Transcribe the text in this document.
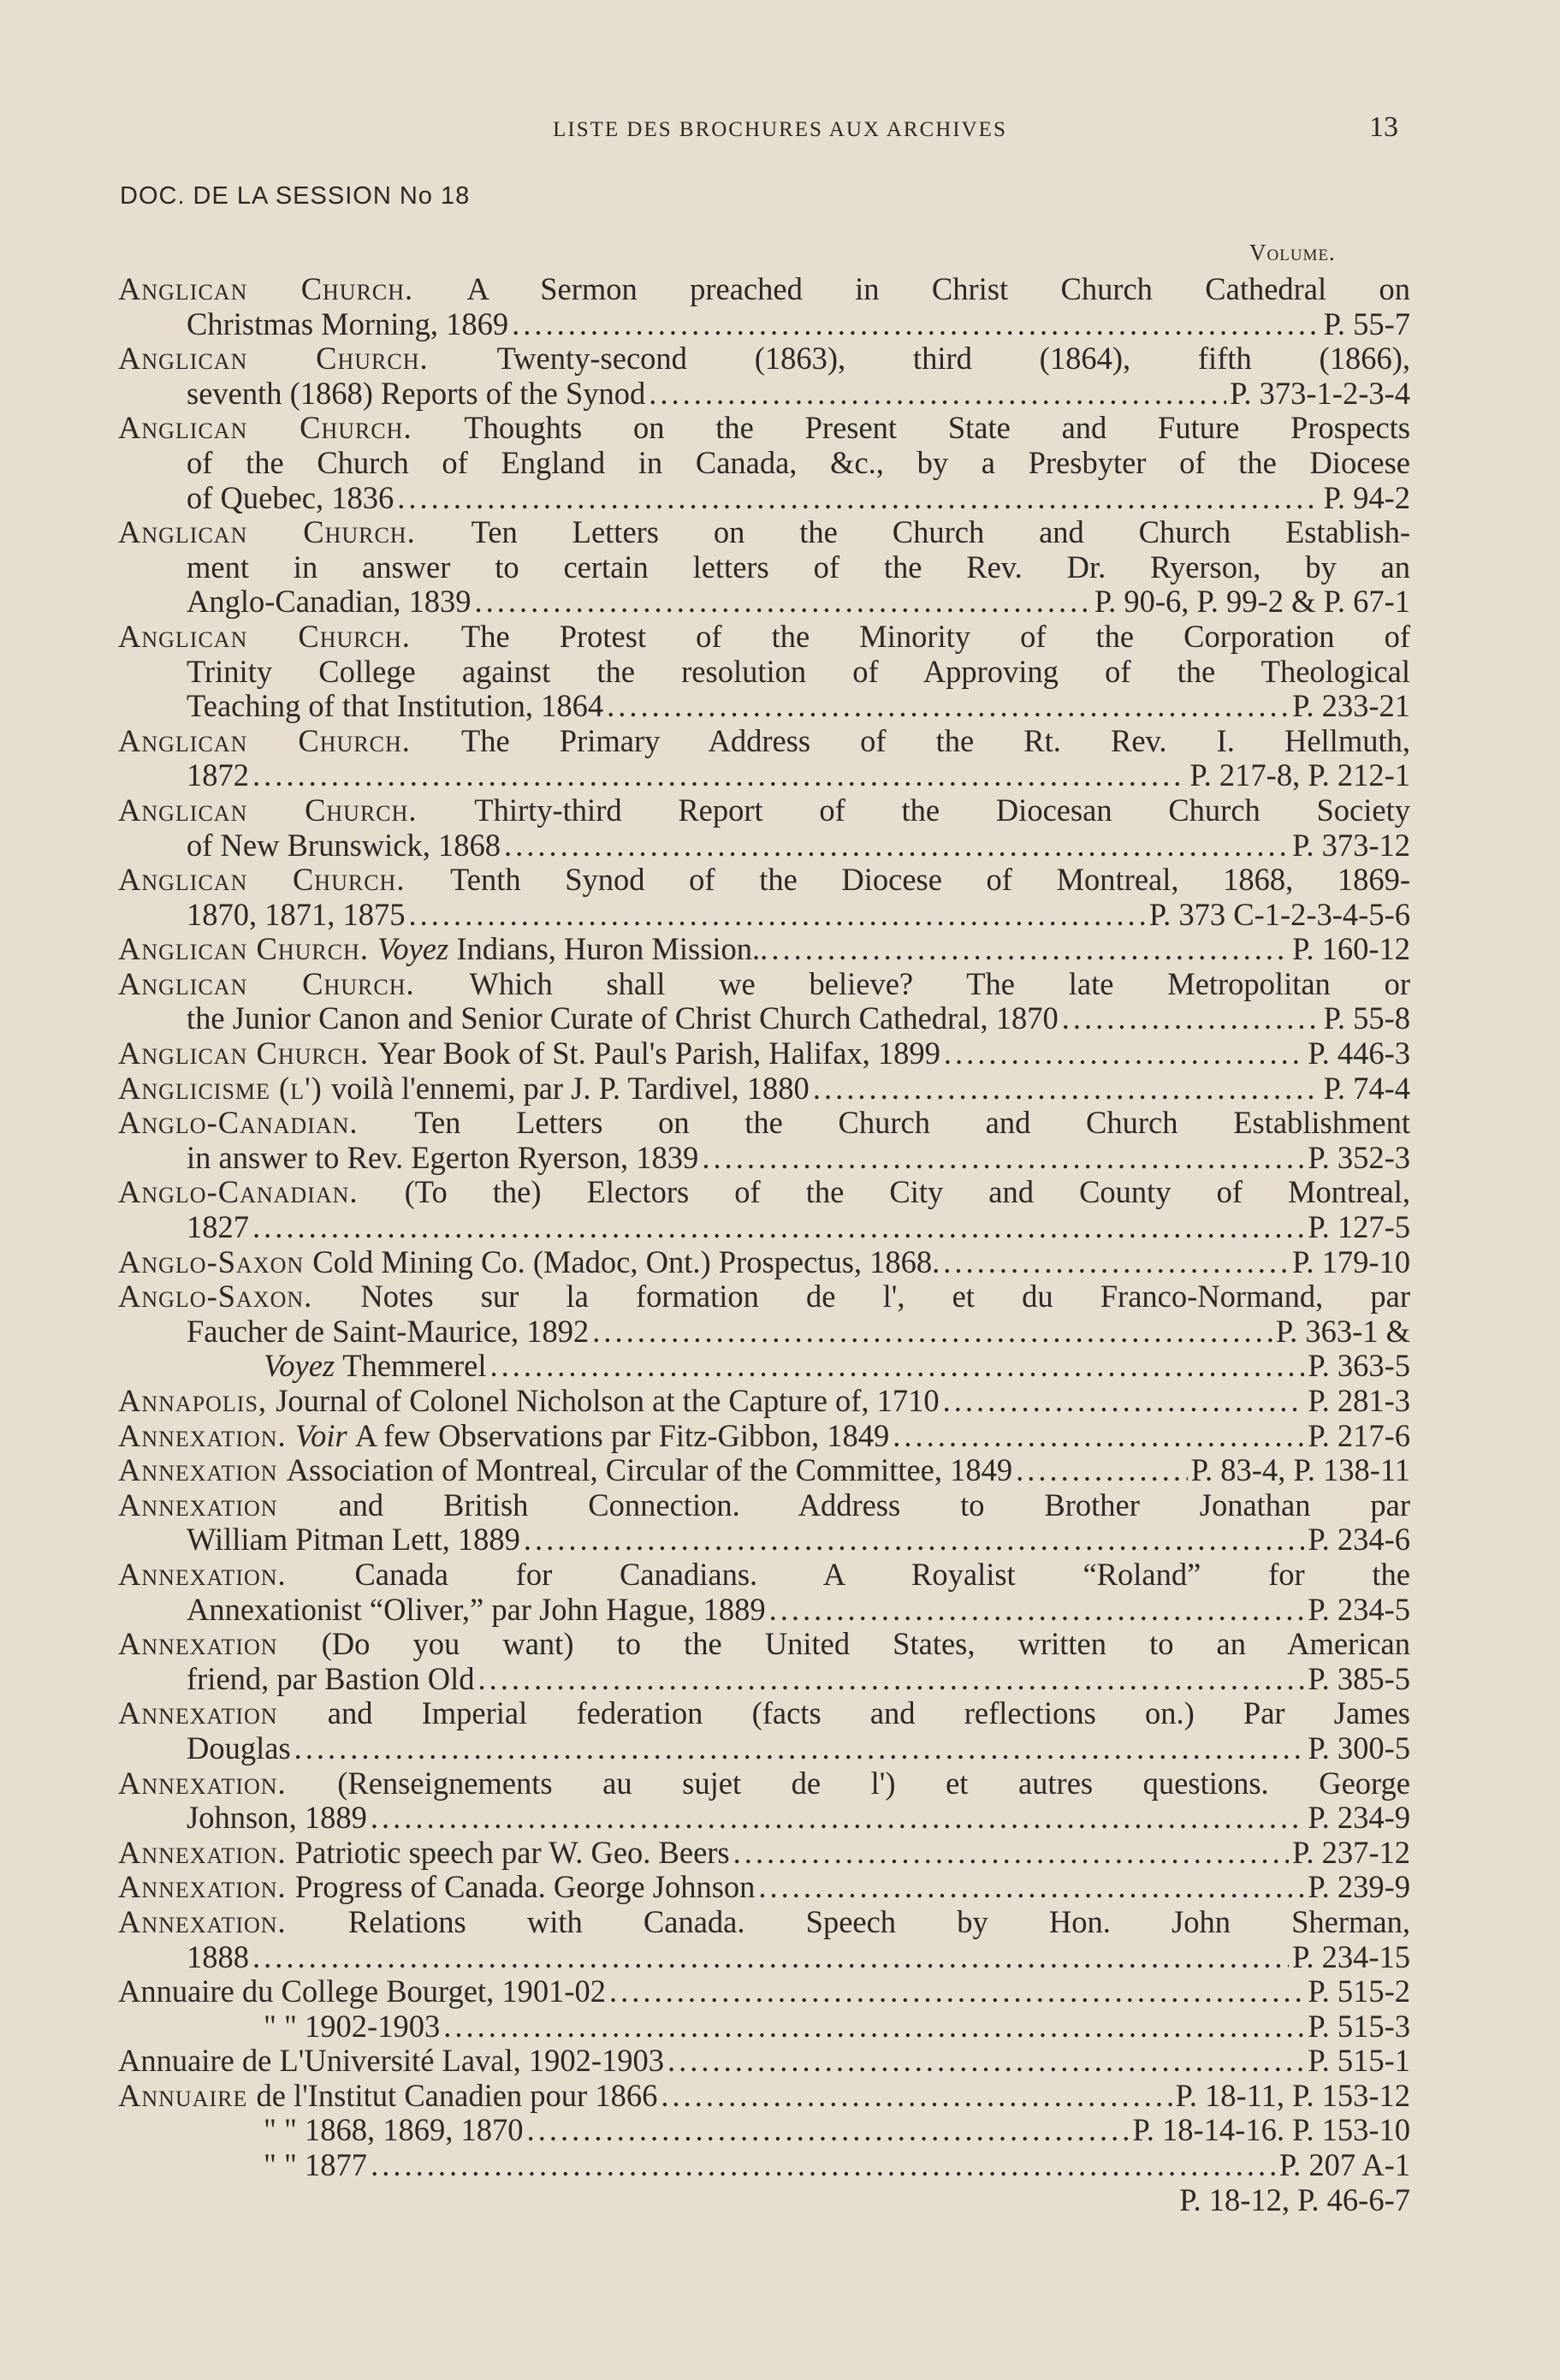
LISTE DES BROCHURES AUX ARCHIVES	13
DOC. DE LA SESSION No 18
Volume.
Anglican Church. A Sermon preached in Christ Church Cathedral on
Christmas Morning, 1869 .....	P. 55-7
Anglican Church. Twenty-second (1863), third (1864), fifth (1866),
seventh (1868) Reports of the Synod .....	P. 373-1-2-3-4
Anglican Church. Thoughts on the Present State and Future Prospects
of the Church of England in Canada, &c., by a Presbyter of the Diocese
of Quebec, 1836 .....	P. 94-2
Anglican Church. Ten Letters on the Church and Church Establish-
ment in answer to certain letters of the Rev. Dr. Ryerson, by an
Anglo-Canadian, 1839 .....	P. 90-6, P. 99-2 & P. 67-1
Anglican Church. The Protest of the Minority of the Corporation of
Trinity College against the resolution of Approving of the Theological
Teaching of that Institution, 1864 .....	P. 233-21
Anglican Church. The Primary Address of the Rt. Rev. I. Hellmuth,
1872 .....	P. 217-8, P. 212-1
Anglican Church. Thirty-third Report of the Diocesan Church Society
of New Brunswick, 1868 .....	P. 373-12
Anglican Church. Tenth Synod of the Diocese of Montreal, 1868, 1869-
1870, 1871, 1875 .....	P. 373 C-1-2-3-4-5-6
Anglican Church. Voyez Indians, Huron Mission.. .....	P. 160-12
Anglican Church. Which shall we believe? The late Metropolitan or
the Junior Canon and Senior Curate of Christ Church Cathedral, 1870 .....	P. 55-8
Anglican Church. Year Book of St. Paul's Parish, Halifax, 1899 .....	P. 446-3
Anglicisme (l') voilà l'ennemi, par J. P. Tardivel, 1880 .....	P. 74-4
Anglo-Canadian. Ten Letters on the Church and Church Establishment
in answer to Rev. Egerton Ryerson, 1839 .....	P. 352-3
Anglo-Canadian. (To the) Electors of the City and County of Montreal,
1827 .....	P. 127-5
Anglo-Saxon Cold Mining Co. (Madoc, Ont.) Prospectus, 1868. .....	P. 179-10
Anglo-Saxon. Notes sur la formation de l', et du Franco-Normand, par
Faucher de Saint-Maurice, 1892 .....	P. 363-1 &
Voyez Themmerel .....	P. 363-5
Annapolis, Journal of Colonel Nicholson at the Capture of, 1710 .....	P. 281-3
Annexation. Voir A few Observations par Fitz-Gibbon, 1849 .....	P. 217-6
Annexation Association of Montreal, Circular of the Committee, 1849 .....	P. 83-4, P. 138-11
Annexation and British Connection. Address to Brother Jonathan par
William Pitman Lett, 1889 .....	P. 234-6
Annexation. Canada for Canadians. A Royalist “Roland” for the
Annexationist “Oliver,” par John Hague, 1889 .....	P. 234-5
Annexation (Do you want) to the United States, written to an American
friend, par Bastion Old .....	P. 385-5
Annexation and Imperial federation (facts and reflections on.) Par James
Douglas .....	P. 300-5
Annexation. (Renseignements au sujet de l') et autres questions. George
Johnson, 1889 .....	P. 234-9
Annexation. Patriotic speech par W. Geo. Beers .....	P. 237-12
Annexation. Progress of Canada. George Johnson .....	P. 239-9
Annexation. Relations with Canada. Speech by Hon. John Sherman,
1888 .....	P. 234-15
Annuaire du College Bourget, 1901-02 .....	P. 515-2
" " 1902-1903 .....	P. 515-3
Annuaire de L'Université Laval, 1902-1903 .....	P. 515-1
Annuaire de l'Institut Canadien pour 1866 .....	P. 18-11, P. 153-12
" " 1868, 1869, 1870 .....	P. 18-14-16. P. 153-10
" " 1877 .....	P. 207 A-1
P. 18-12, P. 46-6-7
